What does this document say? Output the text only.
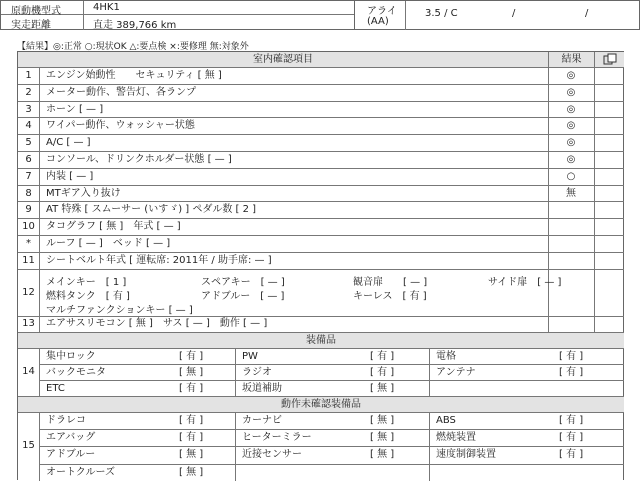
原動機型式	4HK1
実走距離	直走 389,766 km
アライ
(AA)
3.5 / C	/	/
【結果】◎:正常 ○:現状OK △:要点検 ×:要修理 無:対象外
室内確認項目	結果
1	エンジン始動性　　セキュリティ [ 無 ]	◎
2	メーター動作、警告灯、各ランプ	◎
3	ホーン [ — ]	◎
4	ワイパー動作、ウォッシャー状態	◎
5	A/C [ — ]	◎
6	コンソール、ドリンクホルダー状態 [ — ]	◎
7	内装 [ — ]	○
8	MTギア入り抜け	無
9	AT 特殊 [ スムーサー (いすゞ) ] ペダル数 [ 2 ]
10	タコグラフ [ 無 ]　年式 [ — ]
*	ルーフ [ — ]　ベッド [ — ]
11	シートベルト年式 [ 運転席: 2011年 / 助手席: — ]
12
メインキー　[ 1 ]	スペアキー　[ — ]	観音扉　　[ — ]	サイド扉　[ — ]
燃料タンク　[ 有 ]	アドブルー　[ — ]	キーレス　[ 有 ]
マルチファンクションキー [ — ]
13	エアサスリモコン [ 無 ]　サス [ — ]　動作 [ — ]
装備品
14
集中ロック	[ 有 ]	PW	[ 有 ]	電格	[ 有 ]
バックモニタ	[ 無 ]	ラジオ	[ 有 ]	アンテナ	[ 有 ]
ETC	[ 有 ]	坂道補助	[ 無 ]
動作未確認装備品
15
ドラレコ	[ 有 ]	カーナビ	[ 無 ]	ABS	[ 有 ]
エアバッグ	[ 有 ]	ヒーターミラー	[ 無 ]	燃焼装置	[ 有 ]
アドブルー	[ 無 ]	近接センサー	[ 無 ]	速度制御装置	[ 有 ]
オートクルーズ	[ 無 ]
